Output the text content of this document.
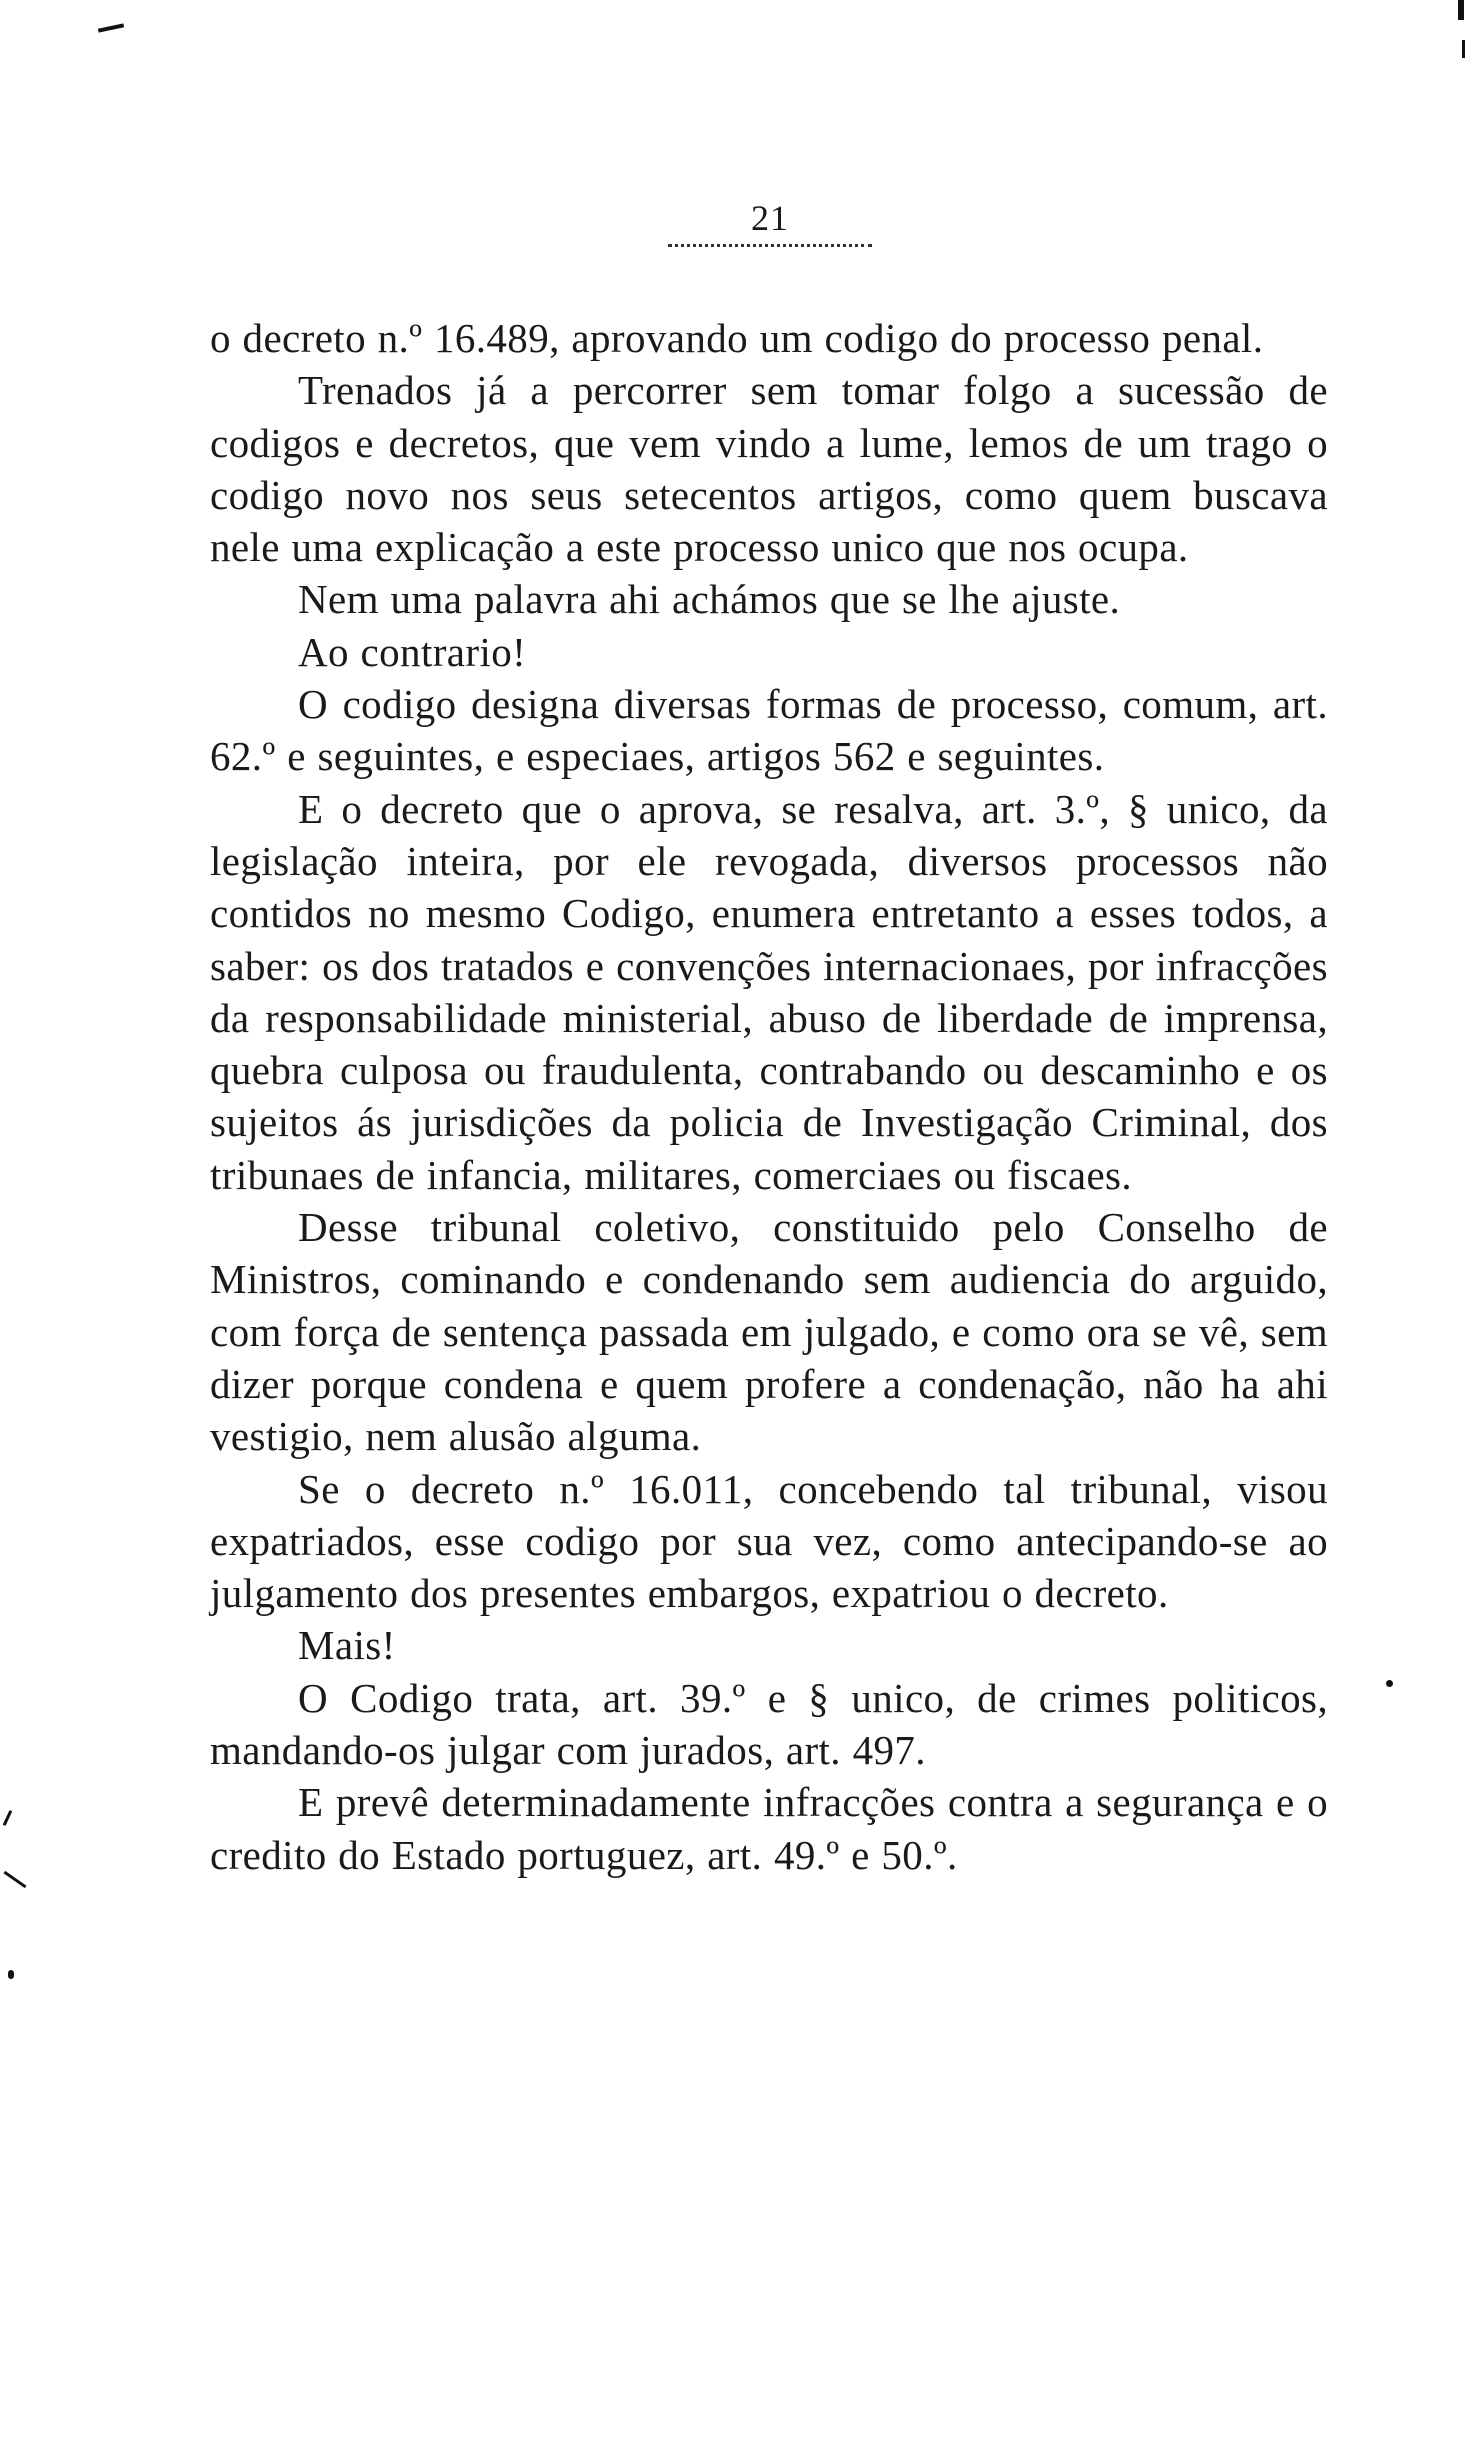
21

o decreto n.º 16.489, aprovando um codigo do processo penal.

Trenados já a percorrer sem tomar folgo a sucessão de codigos e decretos, que vem vindo a lume, lemos de um trago o codigo novo nos seus setecentos artigos, como quem buscava nele uma explicação a este processo unico que nos ocupa.

Nem uma palavra ahi achámos que se lhe ajuste.

Ao contrario!

O codigo designa diversas formas de processo, comum, art. 62.º e seguintes, e especiaes, artigos 562 e seguintes.

E o decreto que o aprova, se resalva, art. 3.º, § unico, da legislação inteira, por ele revogada, diversos processos não contidos no mesmo Codigo, enumera entretanto a esses todos, a saber: os dos tratados e convenções internacionaes, por infracções da responsabilidade ministerial, abuso de liberdade de imprensa, quebra culposa ou fraudulenta, contrabando ou descaminho e os sujeitos ás jurisdições da policia de Investigação Criminal, dos tribunaes de infancia, militares, comerciaes ou fiscaes.

Desse tribunal coletivo, constituido pelo Conselho de Ministros, cominando e condenando sem audiencia do arguido, com força de sentença passada em julgado, e como ora se vê, sem dizer porque condena e quem profere a condenação, não ha ahi vestigio, nem alusão alguma.

Se o decreto n.º 16.011, concebendo tal tribunal, visou expatriados, esse codigo por sua vez, como antecipando-se ao julgamento dos presentes embargos, expatriou o decreto.

Mais!

O Codigo trata, art. 39.º e § unico, de crimes politicos, mandando-os julgar com jurados, art. 497.

E prevê determinadamente infracções contra a segurança e o credito do Estado portuguez, art. 49.º e 50.º.
